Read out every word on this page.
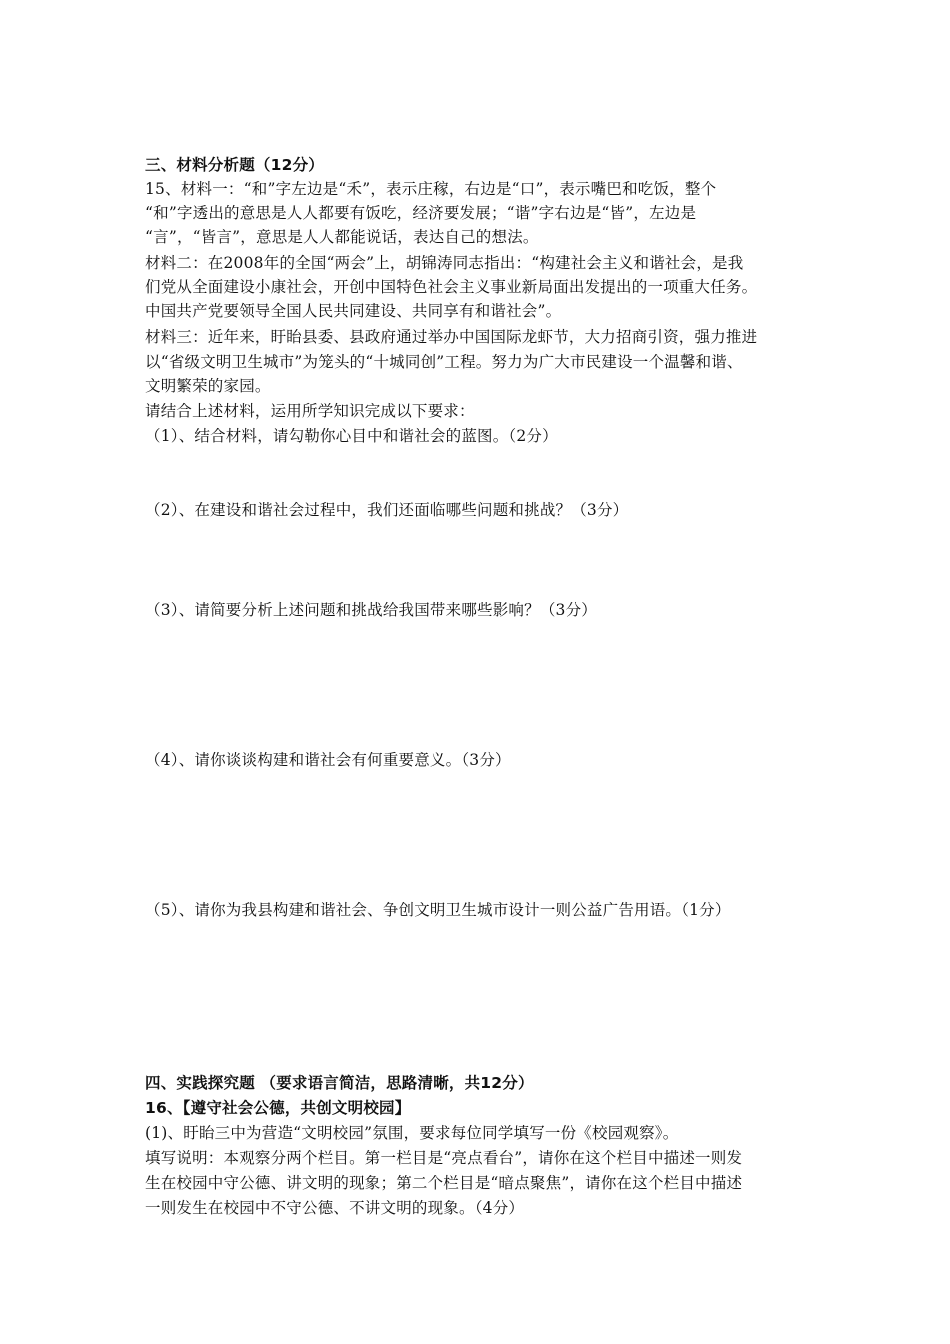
三、材料分析题（12分）
15、材料一：“和”字左边是“禾”，表示庄稼，右边是“口”，表示嘴巴和吃饭，整个
“和”字透出的意思是人人都要有饭吃，经济要发展；“谐”字右边是“皆”，左边是
“言”，“皆言”，意思是人人都能说话，表达自己的想法。
材料二：在2008年的全国“两会”上，胡锦涛同志指出：“构建社会主义和谐社会，是我
们党从全面建设小康社会，开创中国特色社会主义事业新局面出发提出的一项重大任务。
中国共产党要领导全国人民共同建设、共同享有和谐社会”。
材料三：近年来，盱眙县委、县政府通过举办中国国际龙虾节，大力招商引资，强力推进
以“省级文明卫生城市”为笼头的“十城同创”工程。努力为广大市民建设一个温馨和谐、
文明繁荣的家园。
请结合上述材料，运用所学知识完成以下要求：
（1）、结合材料，请勾勒你心目中和谐社会的蓝图。（2分）
（2）、在建设和谐社会过程中，我们还面临哪些问题和挑战？（3分）
（3）、请简要分析上述问题和挑战给我国带来哪些影响？（3分）
（4）、请你谈谈构建和谐社会有何重要意义。（3分）
（5）、请你为我县构建和谐社会、争创文明卫生城市设计一则公益广告用语。（1分）
四、实践探究题 （要求语言简洁，思路清晰，共12分）
16、【遵守社会公德，共创文明校园】
(1)、盱眙三中为营造“文明校园”氛围，要求每位同学填写一份《校园观察》。
填写说明：本观察分两个栏目。第一栏目是“亮点看台”，请你在这个栏目中描述一则发
生在校园中守公德、讲文明的现象；第二个栏目是“暗点聚焦”，请你在这个栏目中描述
一则发生在校园中不守公德、不讲文明的现象。（4分）
